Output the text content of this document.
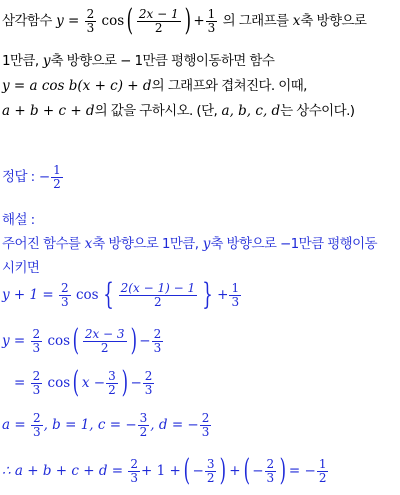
삼각함수 $y = \frac{2}{3} \cos( \frac{2x - 1}{2}$ ) + $\frac{1}{3}$ 의 그래프를 x축 방향으로
1만큼, y축 방향으로 − 1만큼 평행이동하면 함수
y = a cos b(x + c) + d의 그래프와 겹쳐진다. 이때,
a + b + c + d의 값을 구하시오. (단, a, b, c, d는 상수이다.)
정답 : − $\frac{1}{2}$
해설 :
주어진 함수를 x축 방향으로 1만큼, y축 방향으로 −1만큼 평행이동
시키면
$y + 1 = \frac{2}{3}$ cos { $\frac{2(x - 1) - 1}{2}$ } + $\frac{1}{3}$
$y = \frac{2}{3} \cos( \frac{2x - 3}{2}$ ) − $\frac{2}{3}$
= $\frac{2}{3} \cos$( $x - \frac{3}{2}$ ) − $\frac{2}{3}$
$a = \frac{2}{3}$ , b = 1, c = − $\frac{3}{2}$ , d = − $\frac{2}{3}$
∴ $a + b + c + d = \frac{2}{3} + 1$ +( − $\frac{3}{2}$ ) +( − $\frac{2}{3}$ ) = − $\frac{1}{2}$
